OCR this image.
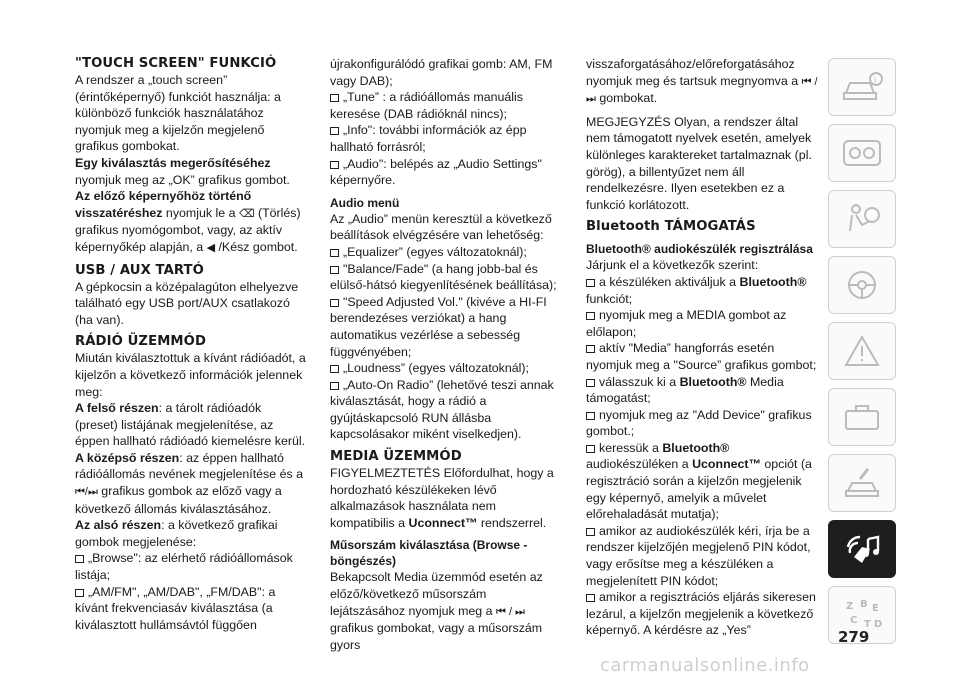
"TOUCH SCREEN" FUNKCIÓ

A rendszer a „touch screen” (érintőképernyő) funkciót használja: a különböző funkciók használatához nyomjuk meg a kijelzőn megjelenő grafikus gombokat.

Egy kiválasztás megerősítéséhez nyomjuk meg az „OK” grafikus gombot.

Az előző képernyőhöz történő visszatéréshez nyomjuk le a ⌫ (Törlés) grafikus nyomógombot, vagy, az aktív képernyőkép alapján, a ◀ /Kész gombot.

USB / AUX TARTÓ

A gépkocsin a középalagúton elhelyezve található egy USB port/AUX csatlakozó (ha van).

RÁDIÓ ÜZEMMÓD

Miután kiválasztottuk a kívánt rádióadót, a kijelzőn a következő információk jelennek meg:

A felső részen: a tárolt rádióadók (preset) listájának megjelenítése, az éppen hallható rádióadó kiemelésre kerül.

A középső részen: az éppen hallható rádióállomás nevének megjelenítése és a ⏮/⏭ grafikus gombok az előző vagy a következő állomás kiválasztásához.

Az alsó részen: a következő grafikai gombok megjelenése:

„Browse": az elérhető rádióállomások listája;

„AM/FM", „AM/DAB", „FM/DAB": a kívánt frekvenciasáv kiválasztása (a kiválasztott hullámsávtól függően

újrakonfigurálódó grafikai gomb: AM, FM vagy DAB);

„Tune” : a rádióállomás manuális keresése (DAB rádióknál nincs);

„Info": további információk az épp hallható forrásról;

„Audio": belépés az „Audio Settings" képernyőre.

Audio menü

Az „Audio” menün keresztül a következő beállítások elvégzésére van lehetőség:

„Equalizer” (egyes változatoknál);

"Balance/Fade" (a hang jobb-bal és elülső-hátsó kiegyenlítésének beállítása);

"Speed Adjusted Vol." (kivéve a HI-FI berendezéses verziókat) a hang automatikus vezérlése a sebesség függvényében;

„Loudness” (egyes változatoknál);

„Auto-On Radio” (lehetővé teszi annak kiválasztását, hogy a rádió a gyújtáskapcsoló RUN állásba kapcsolásakor miként viselkedjen).

MEDIA ÜZEMMÓD

FIGYELMEZTETÉS Előfordulhat, hogy a hordozható készülékeken lévő alkalmazások használata nem kompatibilis a Uconnect™ rendszerrel.

Műsorszám kiválasztása (Browse - böngészés)

Bekapcsolt Media üzemmód esetén az előző/következő műsorszám lejátszásához nyomjuk meg a ⏮ / ⏭ grafikus gombokat, vagy a műsorszám gyors

visszaforgatásához/előreforgatásához nyomjuk meg és tartsuk megnyomva a ⏮ / ⏭ gombokat.

MEGJEGYZÉS Olyan, a rendszer által nem támogatott nyelvek esetén, amelyek különleges karaktereket tartalmaznak (pl. görög), a billentyűzet nem áll rendelkezésre. Ilyen esetekben ez a funkció korlátozott.

Bluetooth TÁMOGATÁS
Bluetooth® audiokészülék regisztrálása

Járjunk el a következők szerint:

a készüléken aktiváljuk a Bluetooth® funkciót;

nyomjuk meg a MEDIA gombot az előlapon;

aktív "Media” hangforrás esetén nyomjuk meg a "Source” grafikus gombot;

válasszuk ki a Bluetooth® Media támogatást;

nyomjuk meg az "Add Device" grafikus gombot.;

keressük a Bluetooth® audiokészüléken a Uconnect™ opciót (a regisztráció során a kijelzőn megjelenik egy képernyő, amelyik a művelet előrehaladását mutatja);

amikor az audiokészülék kéri, írja be a rendszer kijelzőjén megjelenő PIN kódot, vagy erősítse meg a készüléken a megjelenített PIN kódot;

amikor a regisztrációs eljárás sikeresen lezárul, a kijelzőn megjelenik a következő képernyő. A kérdésre az „Yes”

i
Z B E
C T D
279
carmanualsonline.info
